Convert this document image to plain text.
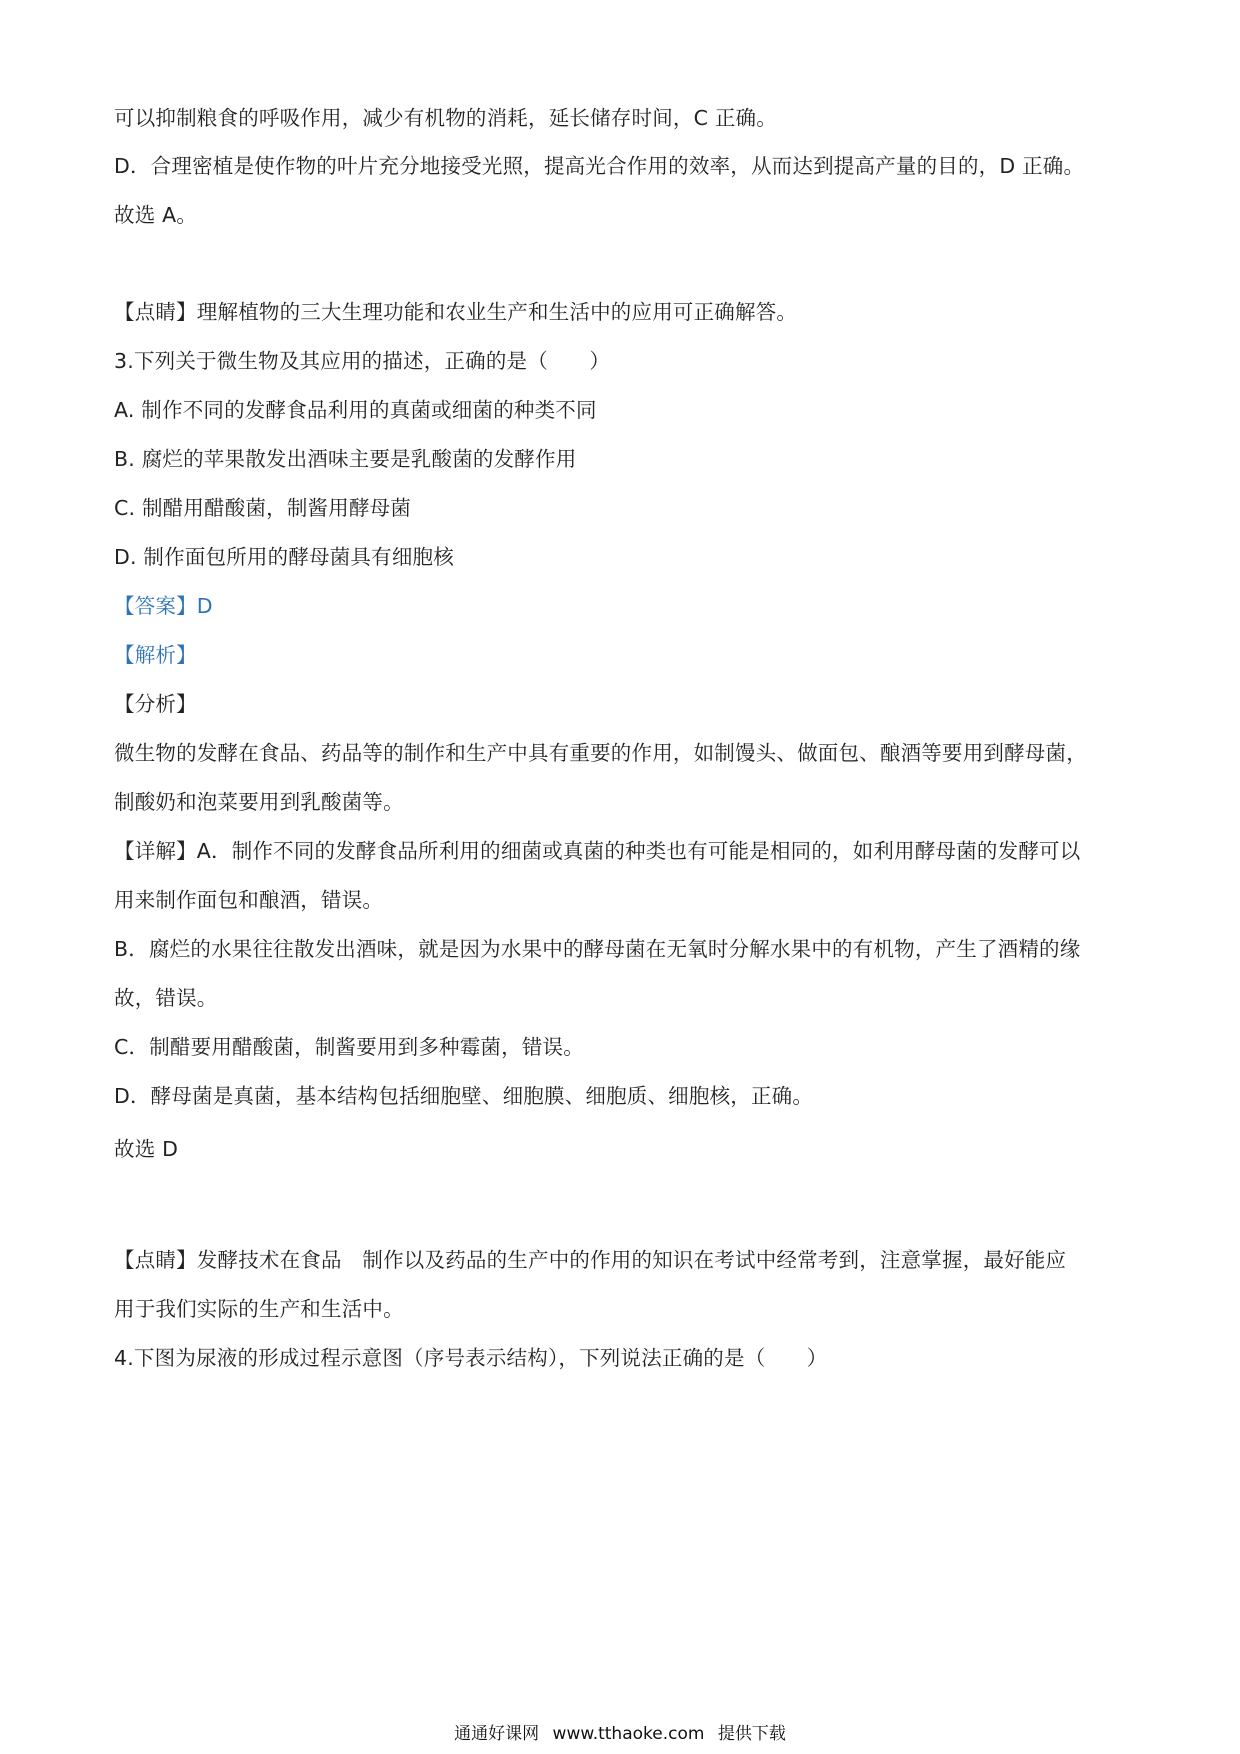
可以抑制粮食的呼吸作用，减少有机物的消耗，延长储存时间，C 正确。
D．合理密植是使作物的叶片充分地接受光照，提高光合作用的效率，从而达到提高产量的目的，D 正确。
故选 A。
【点睛】理解植物的三大生理功能和农业生产和生活中的应用可正确解答。
3.下列关于微生物及其应用的描述，正确的是（　　）
A. 制作不同的发酵食品利用的真菌或细菌的种类不同
B. 腐烂的苹果散发出酒味主要是乳酸菌的发酵作用
C. 制醋用醋酸菌，制酱用酵母菌
D. 制作面包所用的酵母菌具有细胞核
【答案】D
【解析】
【分析】
微生物的发酵在食品、药品等的制作和生产中具有重要的作用，如制馒头、做面包、酿酒等要用到酵母菌，
制酸奶和泡菜要用到乳酸菌等。
【详解】A．制作不同的发酵食品所利用的细菌或真菌的种类也有可能是相同的，如利用酵母菌的发酵可以
用来制作面包和酿酒，错误。
B．腐烂的水果往往散发出酒味，就是因为水果中的酵母菌在无氧时分解水果中的有机物，产生了酒精的缘
故，错误。
C．制醋要用醋酸菌，制酱要用到多种霉菌，错误。
D．酵母菌是真菌，基本结构包括细胞壁、细胞膜、细胞质、细胞核，正确。
故选 D
【点睛】发酵技术在食品　制作以及药品的生产中的作用的知识在考试中经常考到，注意掌握，最好能应
用于我们实际的生产和生活中。
4.下图为尿液的形成过程示意图（序号表示结构），下列说法正确的是（　　）
通通好课网 www.tthaoke.com 提供下载
